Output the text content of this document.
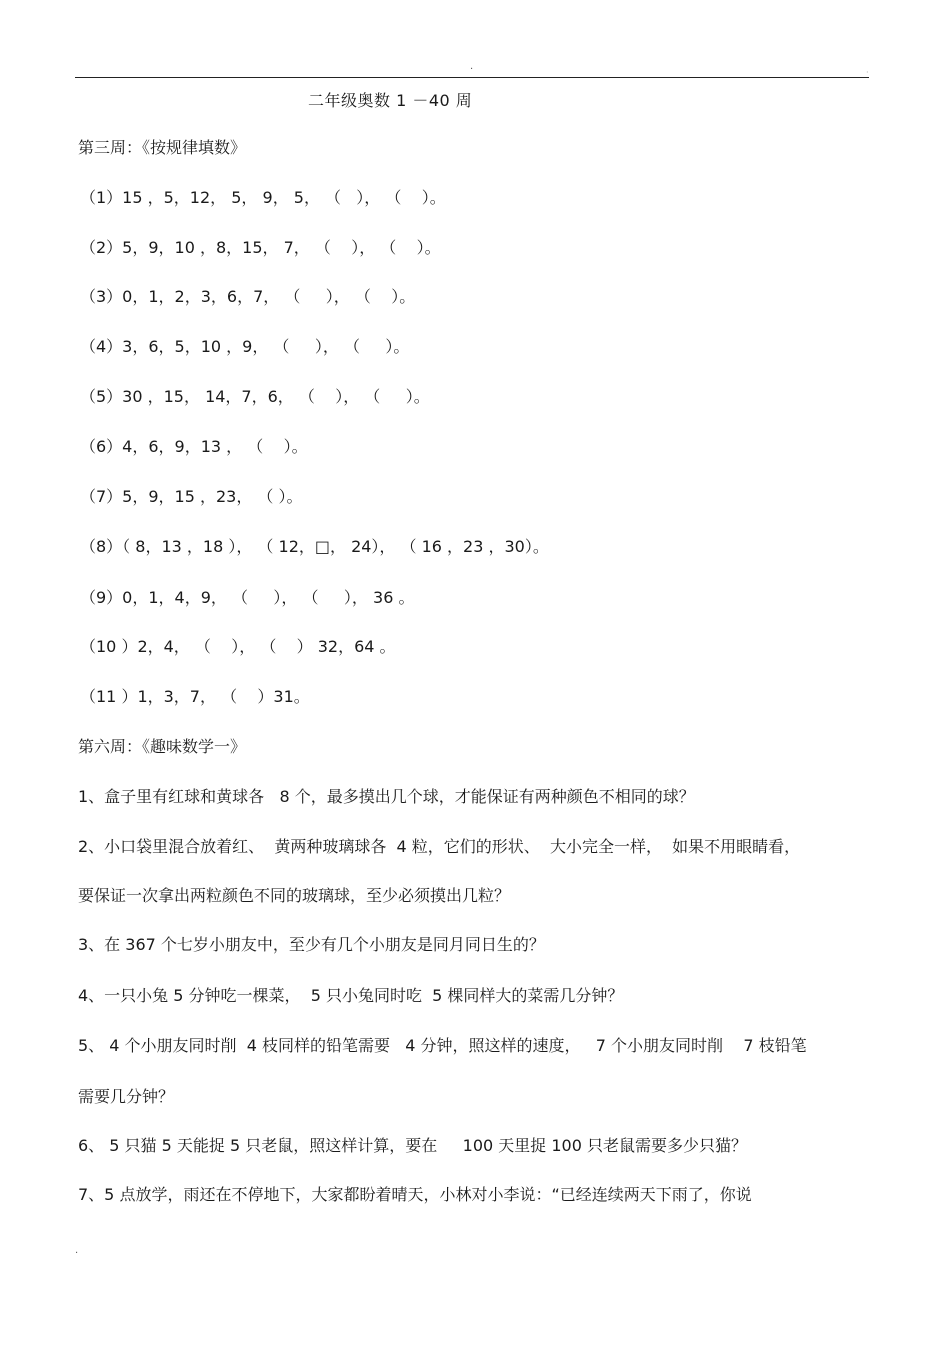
.
·
二年级奥数 1 －40 周
第三周：《按规律填数》
（1）15 ，5，12， 5， 9， 5， （   ）， （    ）。
（2）5，9，10 ，8，15， 7， （    ）， （    ）。
（3）0，1，2，3，6，7， （     ）， （    ）。
（4）3，6，5，10 ，9， （     ）， （     ）。
（5）30 ，15， 14，7，6， （    ）， （     ）。
（6）4，6，9，13 ， （    ）。
（7）5，9，15 ，23， （ ）。
（8）（ 8，13 ，18 ）， （ 12，□， 24）， （ 16 ，23 ，30）。
（9）0，1，4，9， （     ）， （     ）， 36 。
（10 ）2，4， （    ）， （    ） 32，64 。
（11 ）1，3，7， （    ）31。
第六周：《趣味数学一》
1、盒子里有红球和黄球各   8 个，最多摸出几个球，才能保证有两种颜色不相同的球？
2、小口袋里混合放着红、  黄两种玻璃球各  4 粒，它们的形状、  大小完全一样，  如果不用眼睛看，
要保证一次拿出两粒颜色不同的玻璃球，至少必须摸出几粒？
3、在 367 个七岁小朋友中，至少有几个小朋友是同月同日生的？
4、一只小兔 5 分钟吃一棵菜，  5 只小兔同时吃  5 棵同样大的菜需几分钟？
5、 4 个小朋友同时削  4 枝同样的铅笔需要   4 分钟，照这样的速度，   7 个小朋友同时削    7 枝铅笔
需要几分钟？
6、 5 只猫 5 天能捉 5 只老鼠，照这样计算，要在     100 天里捉 100 只老鼠需要多少只猫？
7、5 点放学，雨还在不停地下，大家都盼着晴天，小林对小李说：“已经连续两天下雨了，你说
.
